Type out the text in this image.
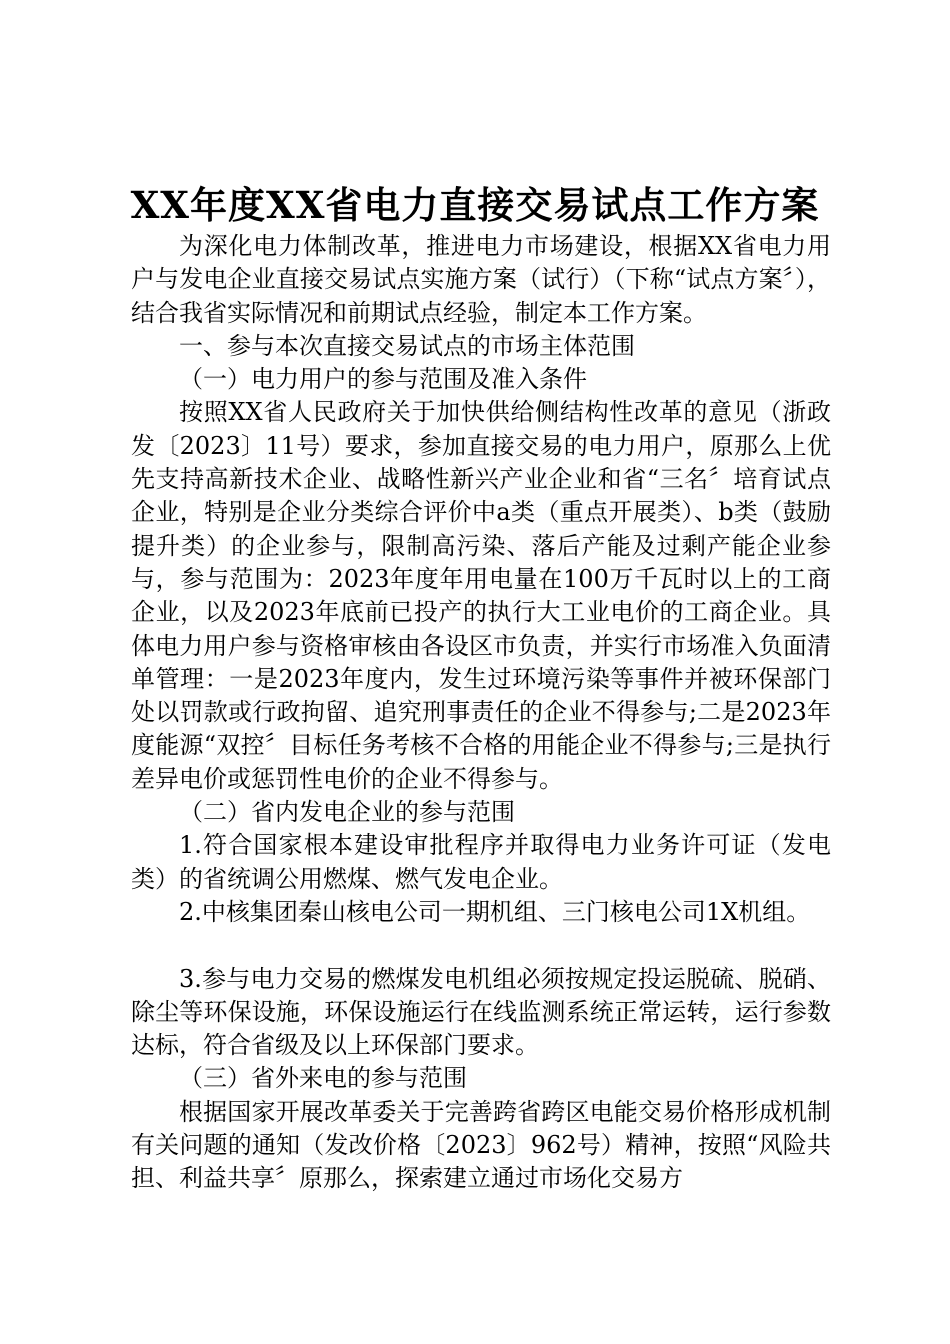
XX年度XX省电力直接交易试点工作方案

为深化电力体制改革，推进电力市场建设，根据XX省电力用户与发电企业直接交易试点实施方案（试行）（下称“试点方案〞），结合我省实际情况和前期试点经验，制定本工作方案。

一、参与本次直接交易试点的市场主体范围

（一）电力用户的参与范围及准入条件

按照XX省人民政府关于加快供给侧结构性改革的意见（浙政发〔2023〕11号）要求，参加直接交易的电力用户，原那么上优先支持高新技术企业、战略性新兴产业企业和省“三名〞培育试点企业，特别是企业分类综合评价中a类（重点开展类）、b类（鼓励提升类）的企业参与，限制高污染、落后产能及过剩产能企业参与，参与范围为：2023年度年用电量在100万千瓦时以上的工商企业，以及2023年底前已投产的执行大工业电价的工商企业。具体电力用户参与资格审核由各设区市负责，并实行市场准入负面清单管理：一是2023年度内，发生过环境污染等事件并被环保部门处以罚款或行政拘留、追究刑事责任的企业不得参与;二是2023年度能源“双控〞目标任务考核不合格的用能企业不得参与;三是执行差异电价或惩罚性电价的企业不得参与。

（二）省内发电企业的参与范围

1.符合国家根本建设审批程序并取得电力业务许可证（发电类）的省统调公用燃煤、燃气发电企业。

2.中核集团秦山核电公司一期机组、三门核电公司1X机组。

3.参与电力交易的燃煤发电机组必须按规定投运脱硫、脱硝、除尘等环保设施，环保设施运行在线监测系统正常运转，运行参数达标，符合省级及以上环保部门要求。

（三）省外来电的参与范围

根据国家开展改革委关于完善跨省跨区电能交易价格形成机制有关问题的通知（发改价格〔2023〕962号）精神，按照“风险共担、利益共享〞原那么，探索建立通过市场化交易方
